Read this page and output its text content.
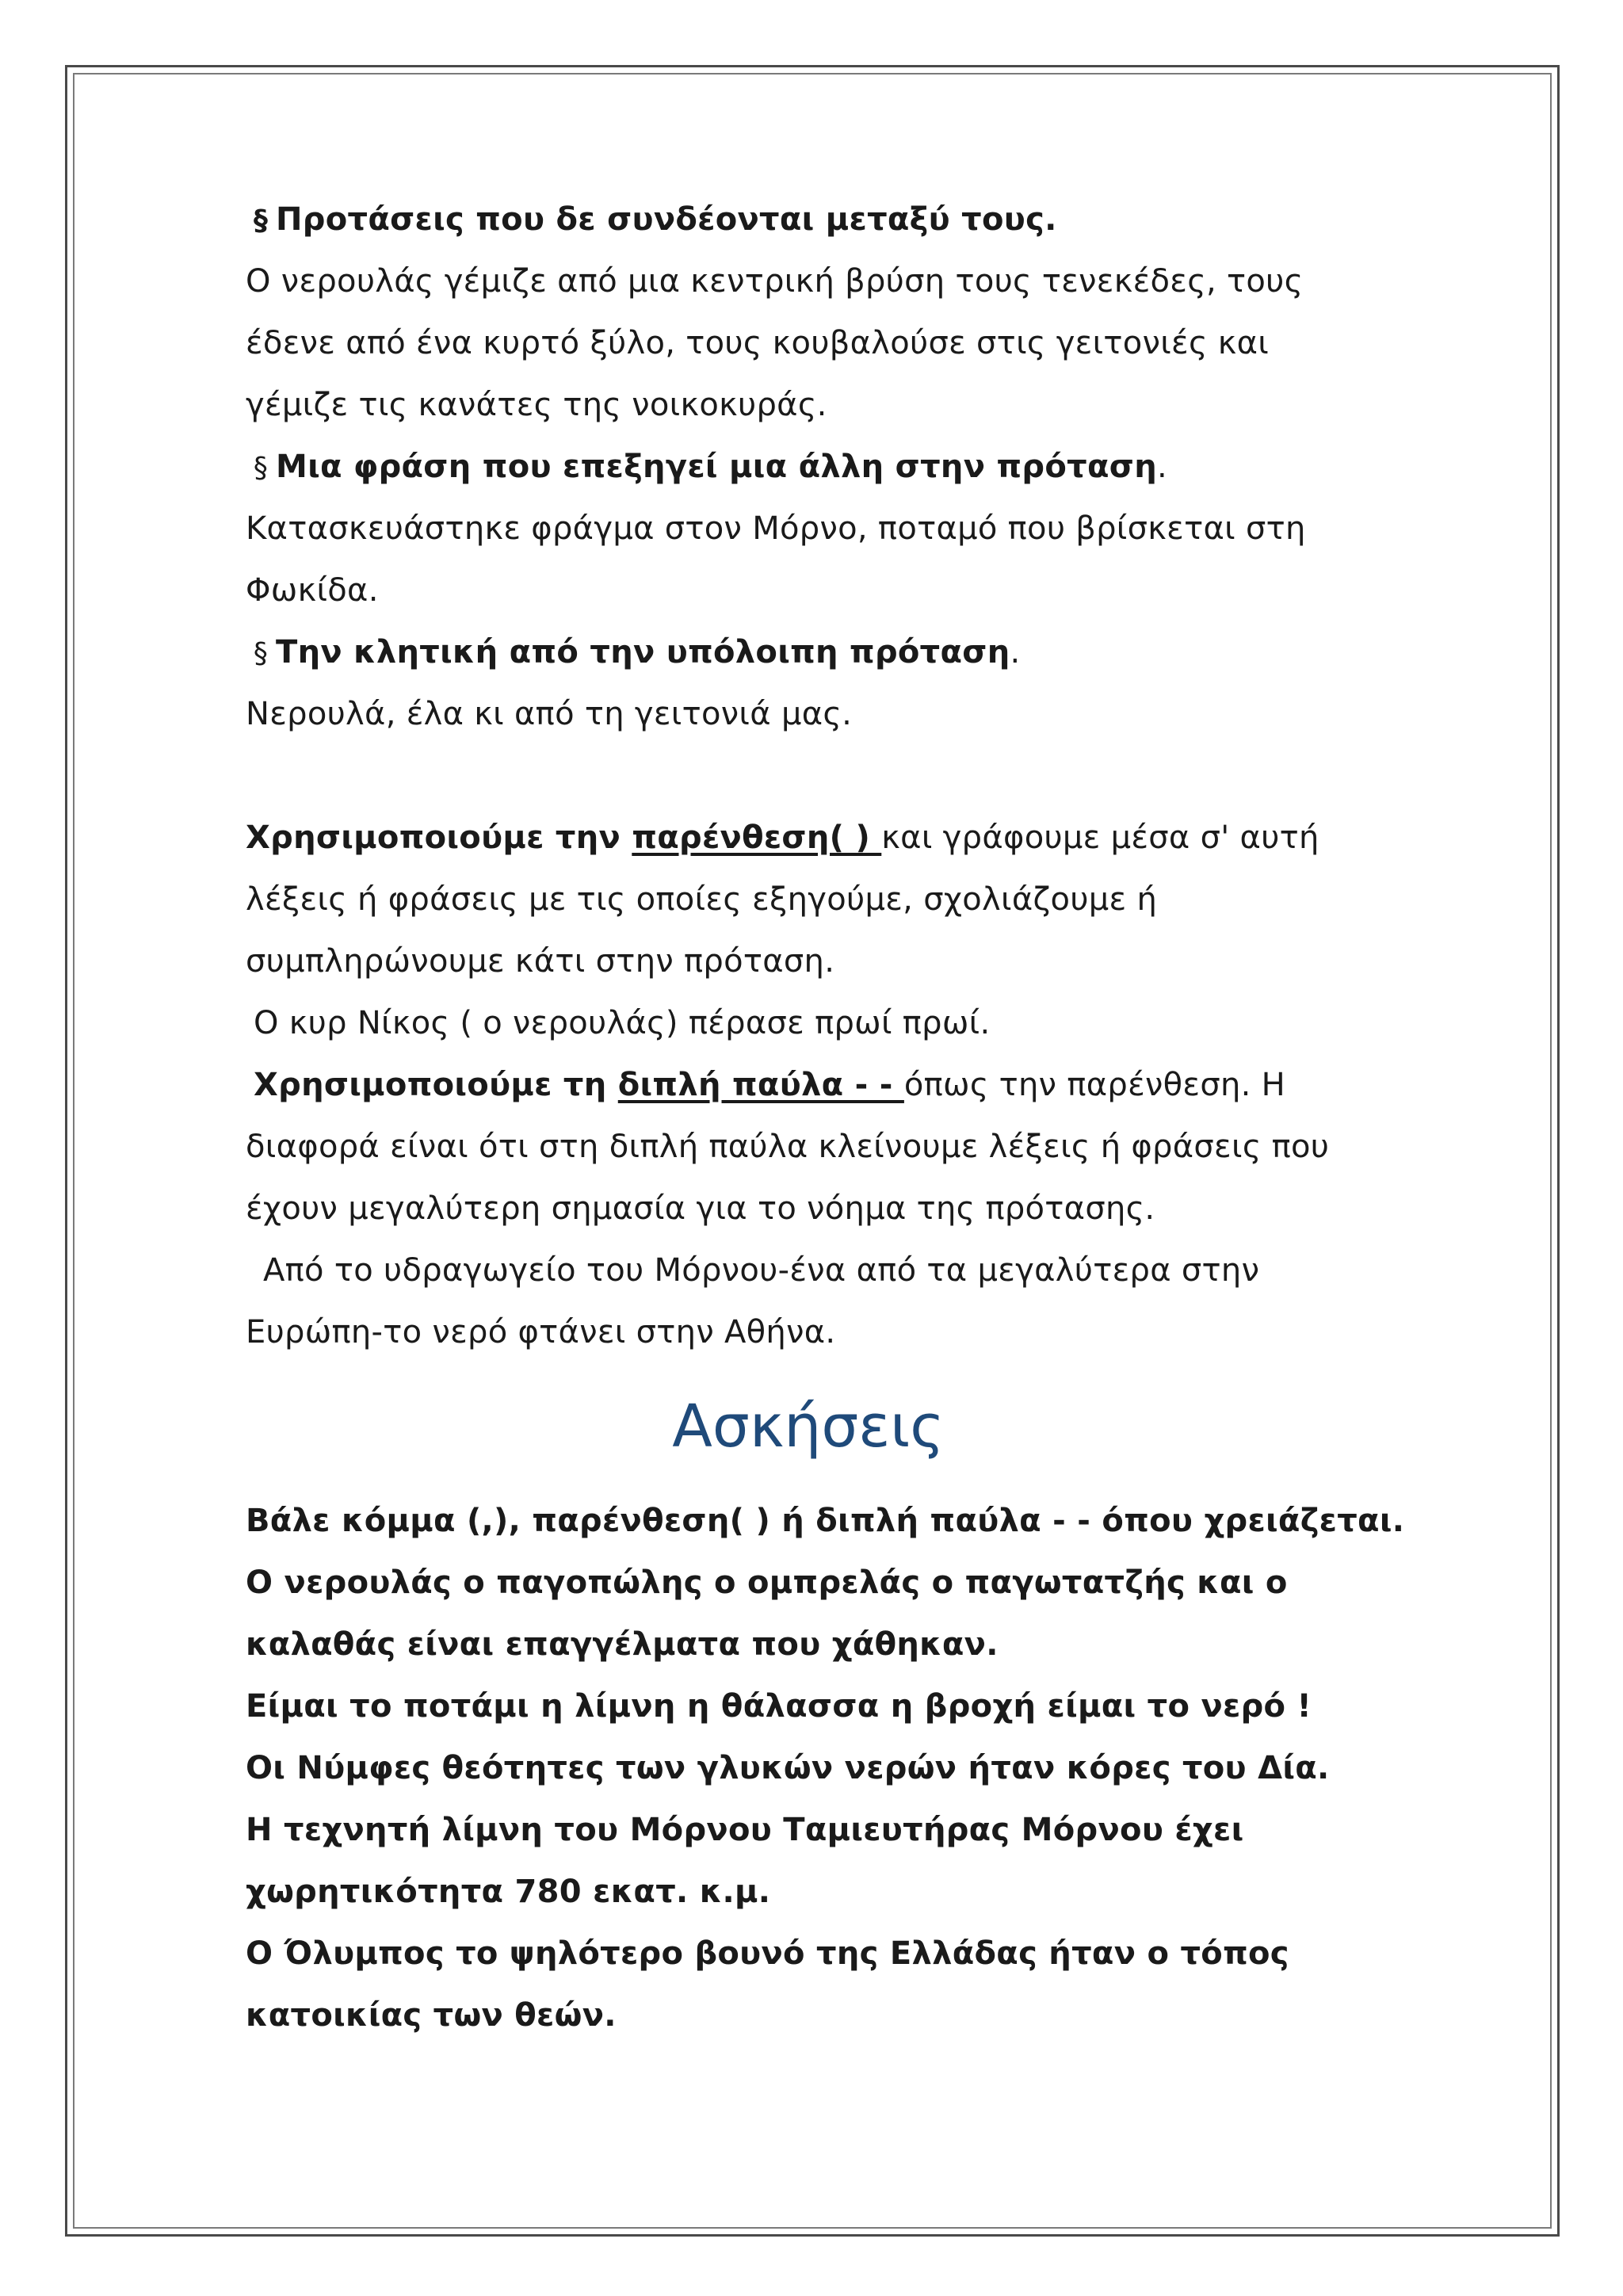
§ Προτάσεις που δε συνδέονται μεταξύ τους.
Ο νερουλάς γέμιζε από μια κεντρική βρύση τους τενεκέδες, τους
έδενε από ένα κυρτό ξύλο, τους κουβαλούσε στις γειτονιές και
γέμιζε τις κανάτες της νοικοκυράς.
§ Μια φράση που επεξηγεί μια άλλη στην πρόταση.
Κατασκευάστηκε φράγμα στον Μόρνο, ποταμό που βρίσκεται στη
Φωκίδα.
§ Την κλητική από την υπόλοιπη πρόταση.
Νερουλά, έλα κι από τη γειτονιά μας.
Χρησιμοποιούμε την παρένθεση( ) και γράφουμε μέσα σ' αυτή
λέξεις ή φράσεις με τις οποίες εξηγούμε, σχολιάζουμε ή
συμπληρώνουμε κάτι στην πρόταση.
Ο κυρ Νίκος ( ο νερουλάς) πέρασε πρωί πρωί.
Χρησιμοποιούμε τη διπλή παύλα - - όπως την παρένθεση. Η
διαφορά είναι ότι στη διπλή παύλα κλείνουμε λέξεις ή φράσεις που
έχουν μεγαλύτερη σημασία για το νόημα της πρότασης.
Από το υδραγωγείο του Μόρνου-ένα από τα μεγαλύτερα στην
Ευρώπη-το νερό φτάνει στην Αθήνα.
Ασκήσεις
Βάλε κόμμα (,), παρένθεση( ) ή διπλή παύλα - - όπου χρειάζεται.
Ο νερουλάς ο παγοπώλης ο ομπρελάς ο παγωτατζής και ο
καλαθάς είναι επαγγέλματα που χάθηκαν.
Είμαι το ποτάμι η λίμνη η θάλασσα η βροχή είμαι το νερό !
Οι Νύμφες θεότητες των γλυκών νερών ήταν κόρες του Δία.
Η τεχνητή λίμνη του Μόρνου Ταμιευτήρας Μόρνου έχει
χωρητικότητα 780 εκατ. κ.μ.
Ο Όλυμπος το ψηλότερο βουνό της Ελλάδας ήταν ο τόπος
κατοικίας των θεών.
